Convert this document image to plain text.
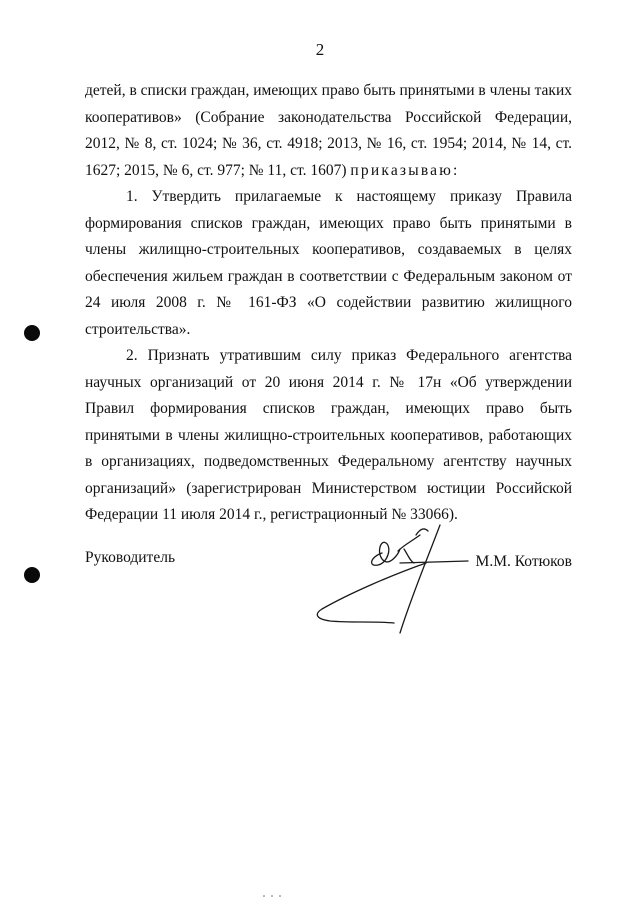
2

детей, в списки граждан, имеющих право быть принятыми в члены таких кооперативов» (Собрание законодательства Российской Федерации, 2012, № 8, ст. 1024; № 36, ст. 4918; 2013, № 16, ст. 1954; 2014, № 14, ст. 1627; 2015, № 6, ст. 977; № 11, ст. 1607) приказываю:

1. Утвердить прилагаемые к настоящему приказу Правила формирования списков граждан, имеющих право быть принятыми в члены жилищно-строительных кооперативов, создаваемых в целях обеспечения жильем граждан в соответствии с Федеральным законом от 24 июля 2008 г. № 161-ФЗ «О содействии развитию жилищного строительства».

2. Признать утратившим силу приказ Федерального агентства научных организаций от 20 июня 2014 г. № 17н «Об утверждении Правил формирования списков граждан, имеющих право быть принятыми в члены жилищно-строительных кооперативов, работающих в организациях, подведомственных Федеральному агентству научных организаций» (зарегистрирован Министерством юстиции Российской Федерации 11 июля 2014 г., регистрационный № 33066).

Руководитель	М.М. Котюков
